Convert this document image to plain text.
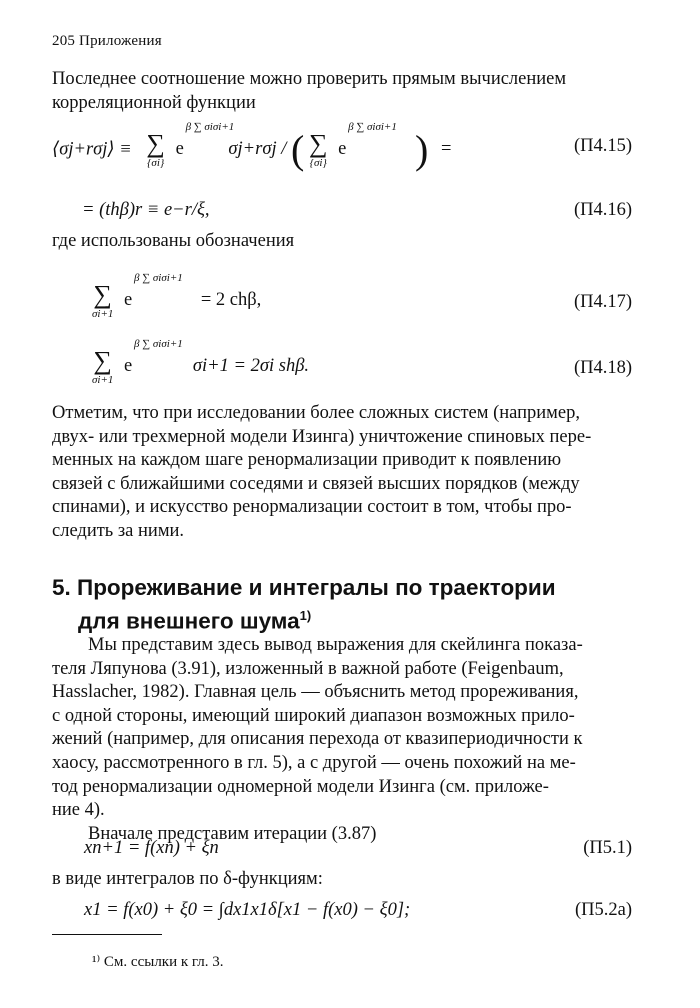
205 Приложения
Последнее соотношение можно проверить прямым вычислением
корреляционной функции
⟨σj+rσj⟩ ≡ ∑
{σi}
e
β ∑ σiσi+1
σj+rσj / ( ∑
{σi}
e
β ∑ σiσi+1 ) =	(П4.15)
= (thβ)r ≡ e−r/ξ,	(П4.16)
где использованы обозначения
∑
σi+1
e
β ∑ σiσi+1
= 2 chβ,	(П4.17)
∑
σi+1
e
β ∑ σiσi+1
σi+1 = 2σi shβ.	(П4.18)
Отметим, что при исследовании более сложных систем (например,
двух- или трехмерной модели Изинга) уничтожение спиновых пере-
менных на каждом шаге ренормализации приводит к появлению
связей с ближайшими соседями и связей высших порядков (между
спинами), и искусство ренормализации состоит в том, чтобы про-
следить за ними.
5. Прореживание и интегралы по траектории
для внешнего шума$^{1)}$
Мы представим здесь вывод выражения для скейлинга показа-
теля Ляпунова (3.91), изложенный в важной работе (Feigenbaum,
Hasslacher, 1982). Главная цель — объяснить метод прореживания,
с одной стороны, имеющий широкий диапазон возможных прило-
жений (например, для описания перехода от квазипериодичности к
хаосу, рассмотренного в гл. 5), а с другой — очень похожий на ме-
тод ренормализации одномерной модели Изинга (см. приложе-
ние 4).
Вначале представим итерации (3.87)
xn+1 = f(xn) + ξn	(П5.1)
в виде интегралов по δ-функциям:
x1 = f(x0) + ξ0 = ∫dx1x1δ[x1 − f(x0) − ξ0];	(П5.2а)
¹⁾ См. ссылки к гл. 3.
